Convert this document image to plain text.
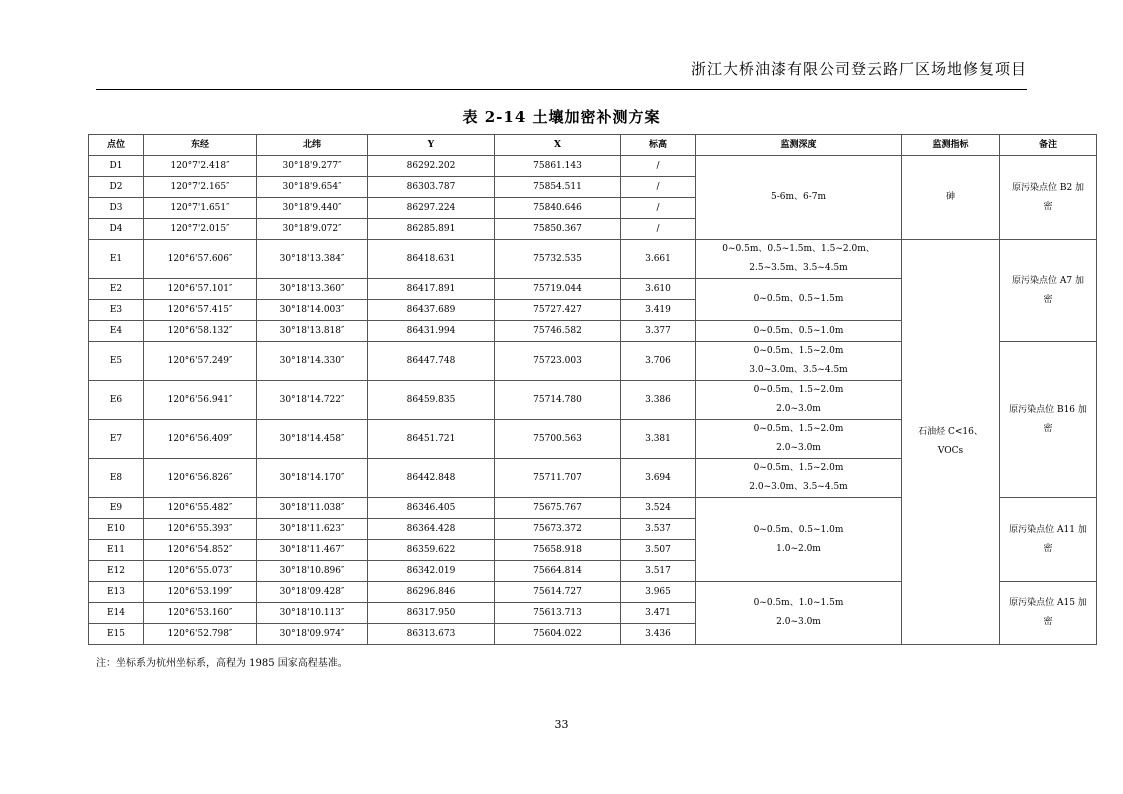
浙江大桥油漆有限公司登云路厂区场地修复项目
表 2-14 土壤加密补测方案
点位	东经	北纬	Y	X	标高	监测深度	监测指标	备注
D1	120°7'2.418″	30°18'9.277″	86292.202	75861.143	/	5-6m、6-7m	砷	原污染点位 B2 加密
D2	120°7'2.165″	30°18'9.654″	86303.787	75854.511	/			
D3	120°7'1.651″	30°18'9.440″	86297.224	75840.646	/			
D4	120°7'2.015″	30°18'9.072″	86285.891	75850.367	/			
E1	120°6'57.606″	30°18'13.384″	86418.631	75732.535	3.661	0~0.5m、0.5~1.5m、1.5~2.0m、2.5~3.5m、3.5~4.5m	石油烃 C<16、VOCs	原污染点位 A7 加密
E2	120°6'57.101″	30°18'13.360″	86417.891	75719.044	3.610	0~0.5m、0.5~1.5m		
E3	120°6'57.415″	30°18'14.003″	86437.689	75727.427	3.419			
E4	120°6'58.132″	30°18'13.818″	86431.994	75746.582	3.377	0~0.5m、0.5~1.0m		
E5	120°6'57.249″	30°18'14.330″	86447.748	75723.003	3.706	0~0.5m、1.5~2.0m 3.0~3.0m、3.5~4.5m		原污染点位 B16 加密
E6	120°6'56.941″	30°18'14.722″	86459.835	75714.780	3.386	0~0.5m、1.5~2.0m 2.0~3.0m		
E7	120°6'56.409″	30°18'14.458″	86451.721	75700.563	3.381	0~0.5m、1.5~2.0m 2.0~3.0m		
E8	120°6'56.826″	30°18'14.170″	86442.848	75711.707	3.694	0~0.5m、1.5~2.0m 2.0~3.0m、3.5~4.5m		
E9	120°6'55.482″	30°18'11.038″	86346.405	75675.767	3.524	0~0.5m、0.5~1.0m 1.0~2.0m		原污染点位 A11 加密
E10	120°6'55.393″	30°18'11.623″	86364.428	75673.372	3.537			
E11	120°6'54.852″	30°18'11.467″	86359.622	75658.918	3.507			
E12	120°6'55.073″	30°18'10.896″	86342.019	75664.814	3.517			
E13	120°6'53.199″	30°18'09.428″	86296.846	75614.727	3.965	0~0.5m、1.0~1.5m 2.0~3.0m		原污染点位 A15 加密
E14	120°6'53.160″	30°18'10.113″	86317.950	75613.713	3.471			
E15	120°6'52.798″	30°18'09.974″	86313.673	75604.022	3.436			
注：坐标系为杭州坐标系，高程为 1985 国家高程基准。
33
